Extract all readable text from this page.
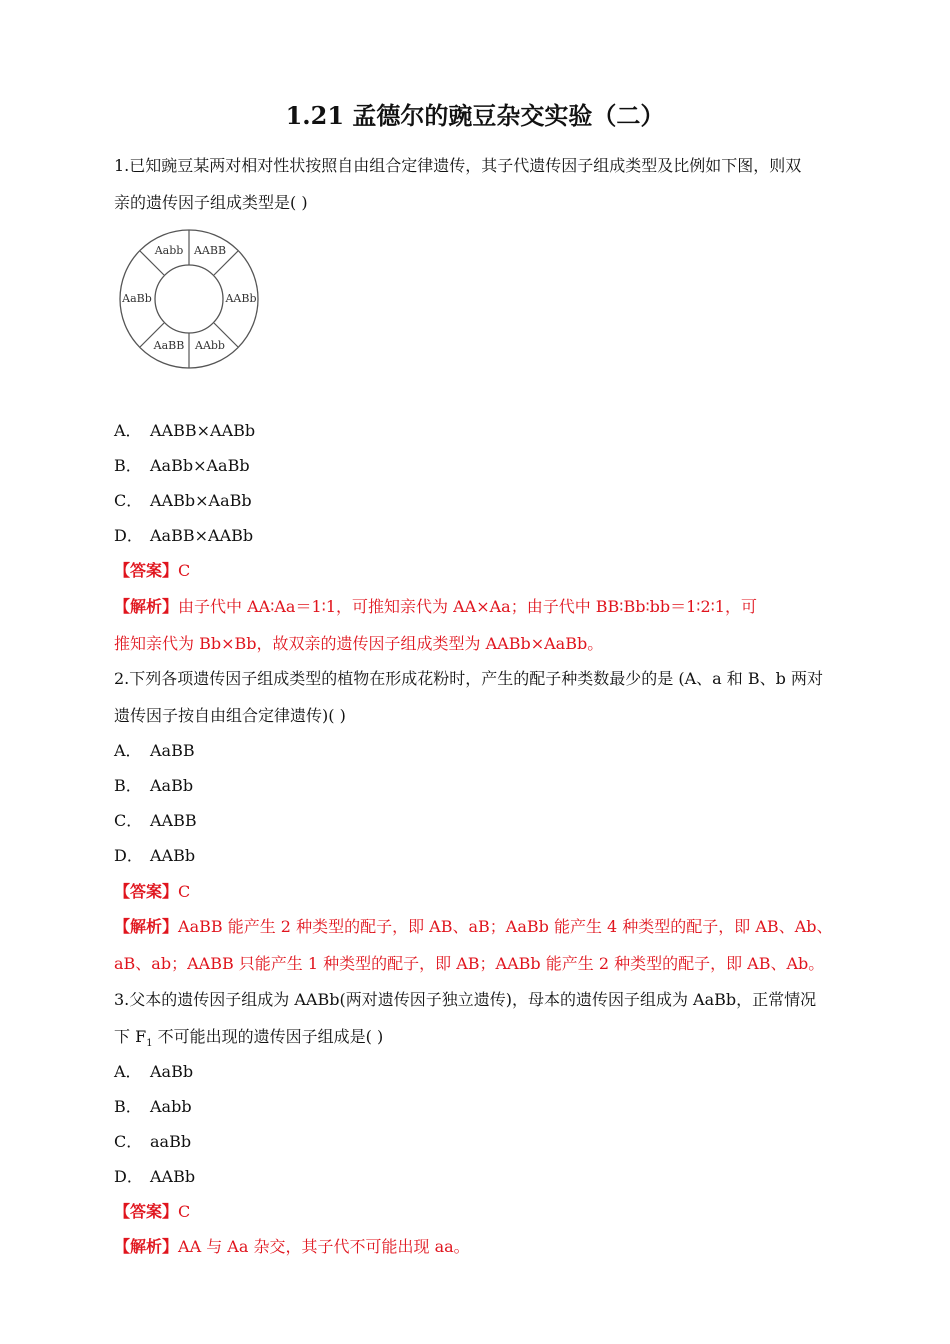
1.21 孟德尔的豌豆杂交实验（二）
1.已知豌豆某两对相对性状按照自由组合定律遗传，其子代遗传因子组成类型及比例如下图，则双
亲的遗传因子组成类型是( )
Aabb AABB
AABb
AAbb
AaBB
AaBb
A． AABB×AABb
B． AaBb×AaBb
C． AABb×AaBb
D． AaBB×AABb
【答案】C
【解析】由子代中 AA∶Aa＝1∶1，可推知亲代为 AA×Aa；由子代中 BB∶Bb∶bb＝1∶2∶1，可
推知亲代为 Bb×Bb，故双亲的遗传因子组成类型为 AABb×AaBb。
2.下列各项遗传因子组成类型的植物在形成花粉时，产生的配子种类数最少的是 (A、a 和 B、b 两对
遗传因子按自由组合定律遗传)( )
A． AaBB
B． AaBb
C． AABB
D． AABb
【答案】C
【解析】AaBB 能产生 2 种类型的配子，即 AB、aB；AaBb 能产生 4 种类型的配子，即 AB、Ab、
aB、ab；AABB 只能产生 1 种类型的配子，即 AB；AABb 能产生 2 种类型的配子，即 AB、Ab。
3.父本的遗传因子组成为 AABb(两对遗传因子独立遗传)，母本的遗传因子组成为 AaBb，正常情况
下 $F_1$ 不可能出现的遗传因子组成是( )
A． AaBb
B． Aabb
C． aaBb
D． AABb
【答案】C
【解析】AA 与 Aa 杂交，其子代不可能出现 aa。
